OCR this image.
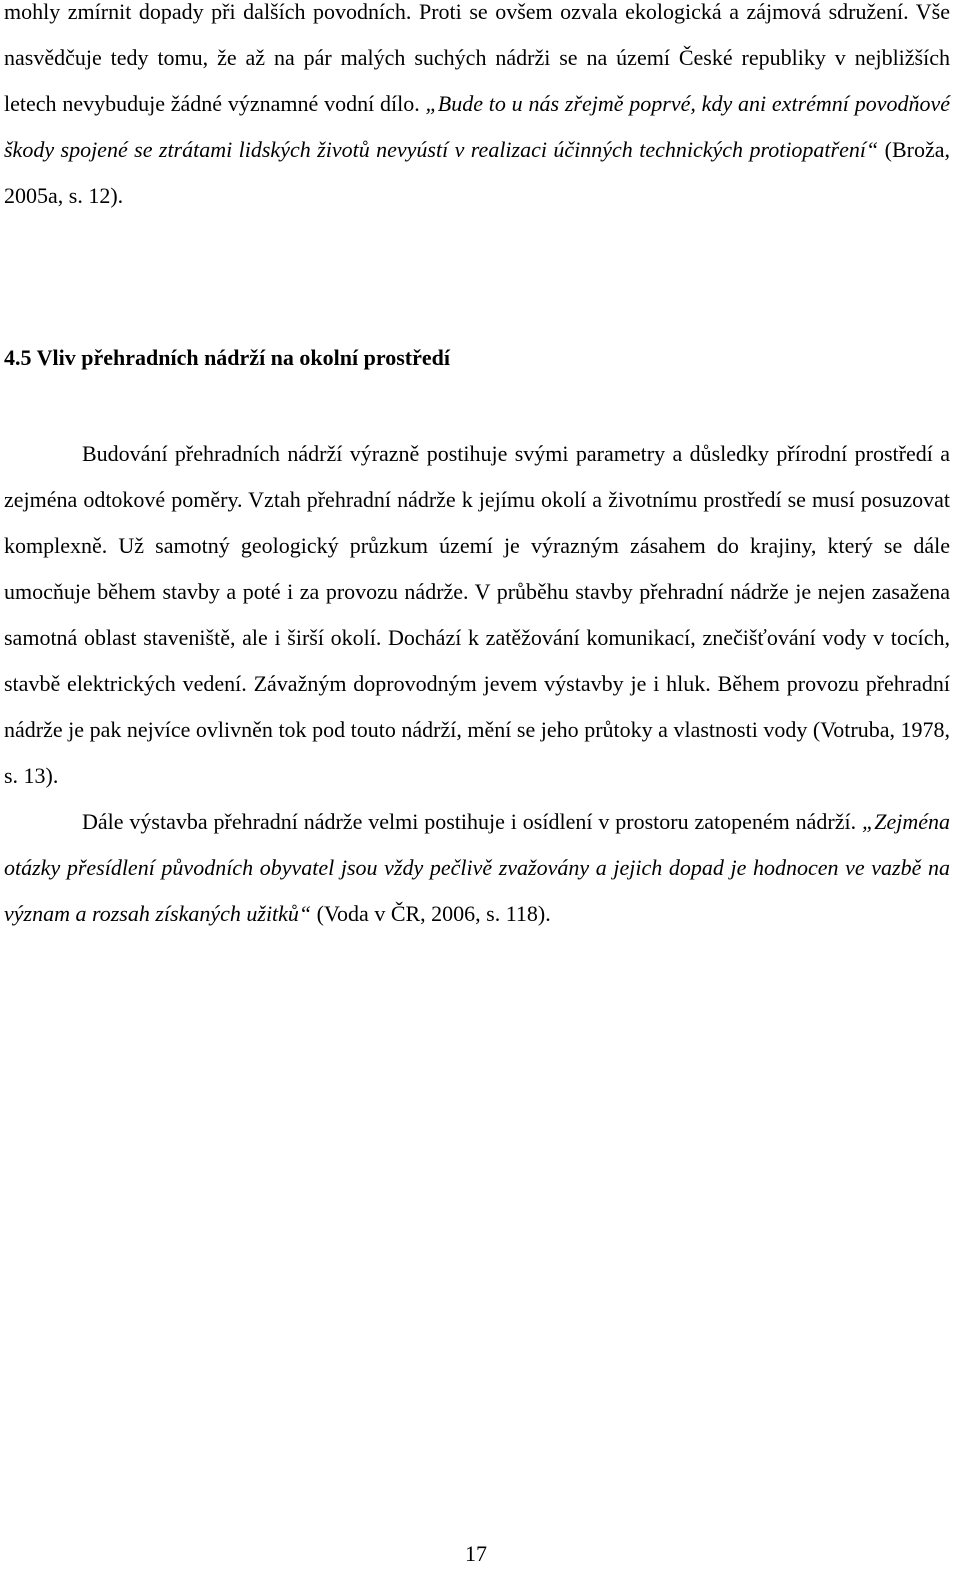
mohly zmírnit dopady při dalších povodních. Proti se ovšem ozvala ekologická a zájmová sdružení. Vše nasvědčuje tedy tomu, že až na pár malých suchých nádrži se na území České republiky v nejbližších letech nevybuduje žádné významné vodní dílo. „Bude to u nás zřejmě poprvé, kdy ani extrémní povodňové škody spojené se ztrátami lidských životů nevyústí v realizaci účinných technických protiopatření“ (Broža, 2005a, s. 12).

4.5 Vliv přehradních nádrží na okolní prostředí

Budování přehradních nádrží výrazně postihuje svými parametry a důsledky přírodní prostředí a zejména odtokové poměry. Vztah přehradní nádrže k jejímu okolí a životnímu prostředí se musí posuzovat komplexně. Už samotný geologický průzkum území je výrazným zásahem do krajiny, který se dále umocňuje během stavby a poté i za provozu nádrže. V průběhu stavby přehradní nádrže je nejen zasažena samotná oblast staveniště, ale i širší okolí. Dochází k zatěžování komunikací, znečišťování vody v tocích, stavbě elektrických vedení. Závažným doprovodným jevem výstavby je i hluk. Během provozu přehradní nádrže je pak nejvíce ovlivněn tok pod touto nádrží, mění se jeho průtoky a vlastnosti vody (Votruba, 1978, s. 13).

Dále výstavba přehradní nádrže velmi postihuje i osídlení v prostoru zatopeném nádrží. „Zejména otázky přesídlení původních obyvatel jsou vždy pečlivě zvažovány a jejich dopad je hodnocen ve vazbě na význam a rozsah získaných užitků“ (Voda v ČR, 2006, s. 118).

17
